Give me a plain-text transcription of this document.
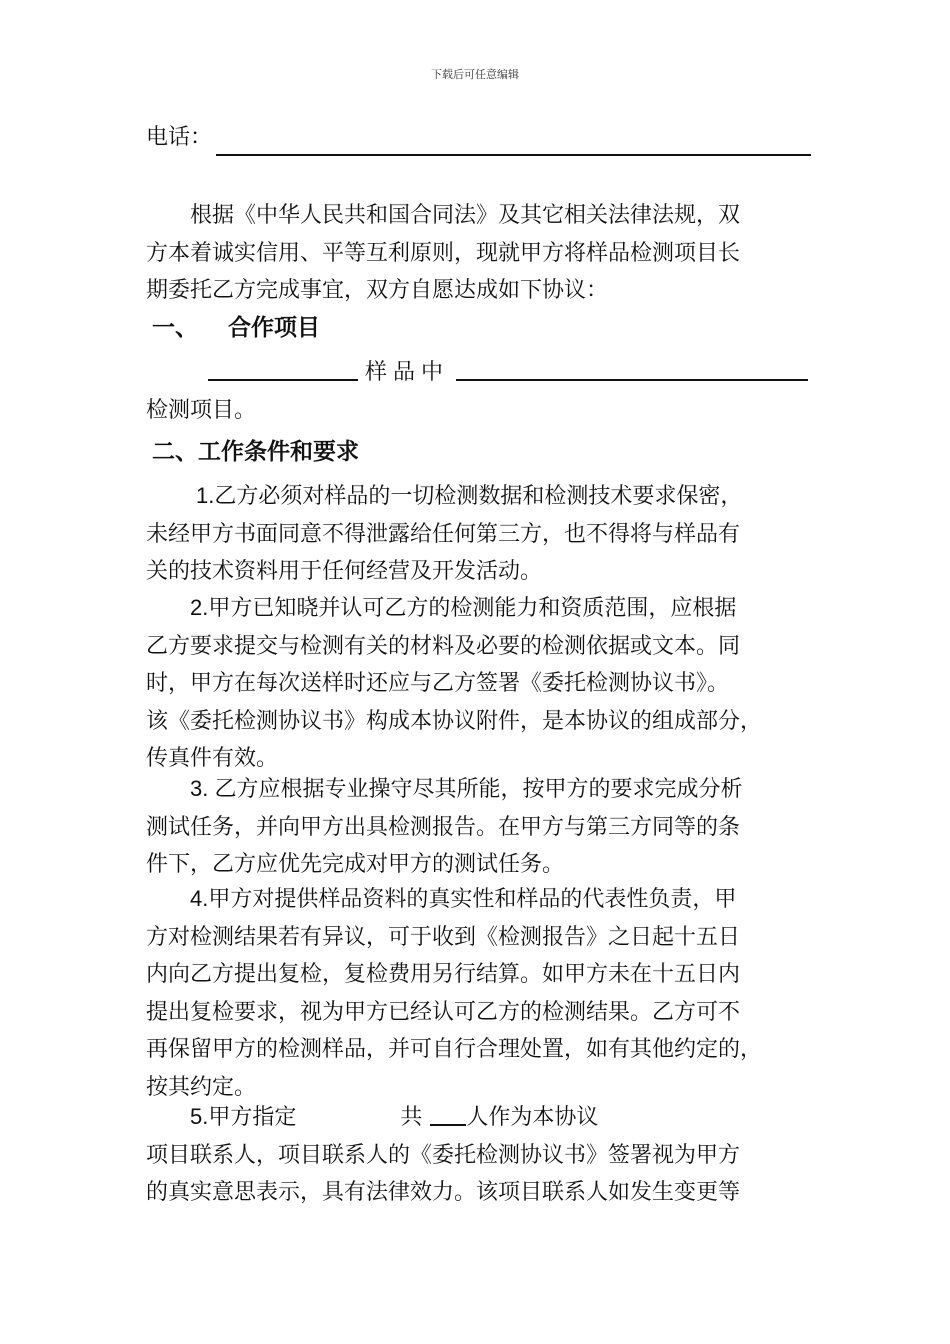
下载后可任意编辑
电话：
根据《中华人民共和国合同法》及其它相关法律法规，双
方本着诚实信用、平等互利原则，现就甲方将样品检测项目长
期委托乙方完成事宜，双方自愿达成如下协议：
一、 合作项目
样品中
检测项目。
二、工作条件和要求
1.乙方必须对样品的一切检测数据和检测技术要求保密，
未经甲方书面同意不得泄露给任何第三方，也不得将与样品有
关的技术资料用于任何经营及开发活动。
2.甲方已知晓并认可乙方的检测能力和资质范围，应根据
乙方要求提交与检测有关的材料及必要的检测依据或文本。同
时，甲方在每次送样时还应与乙方签署《委托检测协议书》。
该《委托检测协议书》构成本协议附件，是本协议的组成部分，
传真件有效。
3. 乙方应根据专业操守尽其所能，按甲方的要求完成分析
测试任务，并向甲方出具检测报告。在甲方与第三方同等的条
件下，乙方应优先完成对甲方的测试任务。
4.甲方对提供样品资料的真实性和样品的代表性负责，甲
方对检测结果若有异议，可于收到《检测报告》之日起十五日
内向乙方提出复检，复检费用另行结算。如甲方未在十五日内
提出复检要求，视为甲方已经认可乙方的检测结果。乙方可不
再保留甲方的检测样品，并可自行合理处置，如有其他约定的，
按其约定。
5.甲方指定	共 人作为本协议
项目联系人，项目联系人的《委托检测协议书》签署视为甲方
的真实意思表示，具有法律效力。该项目联系人如发生变更等
